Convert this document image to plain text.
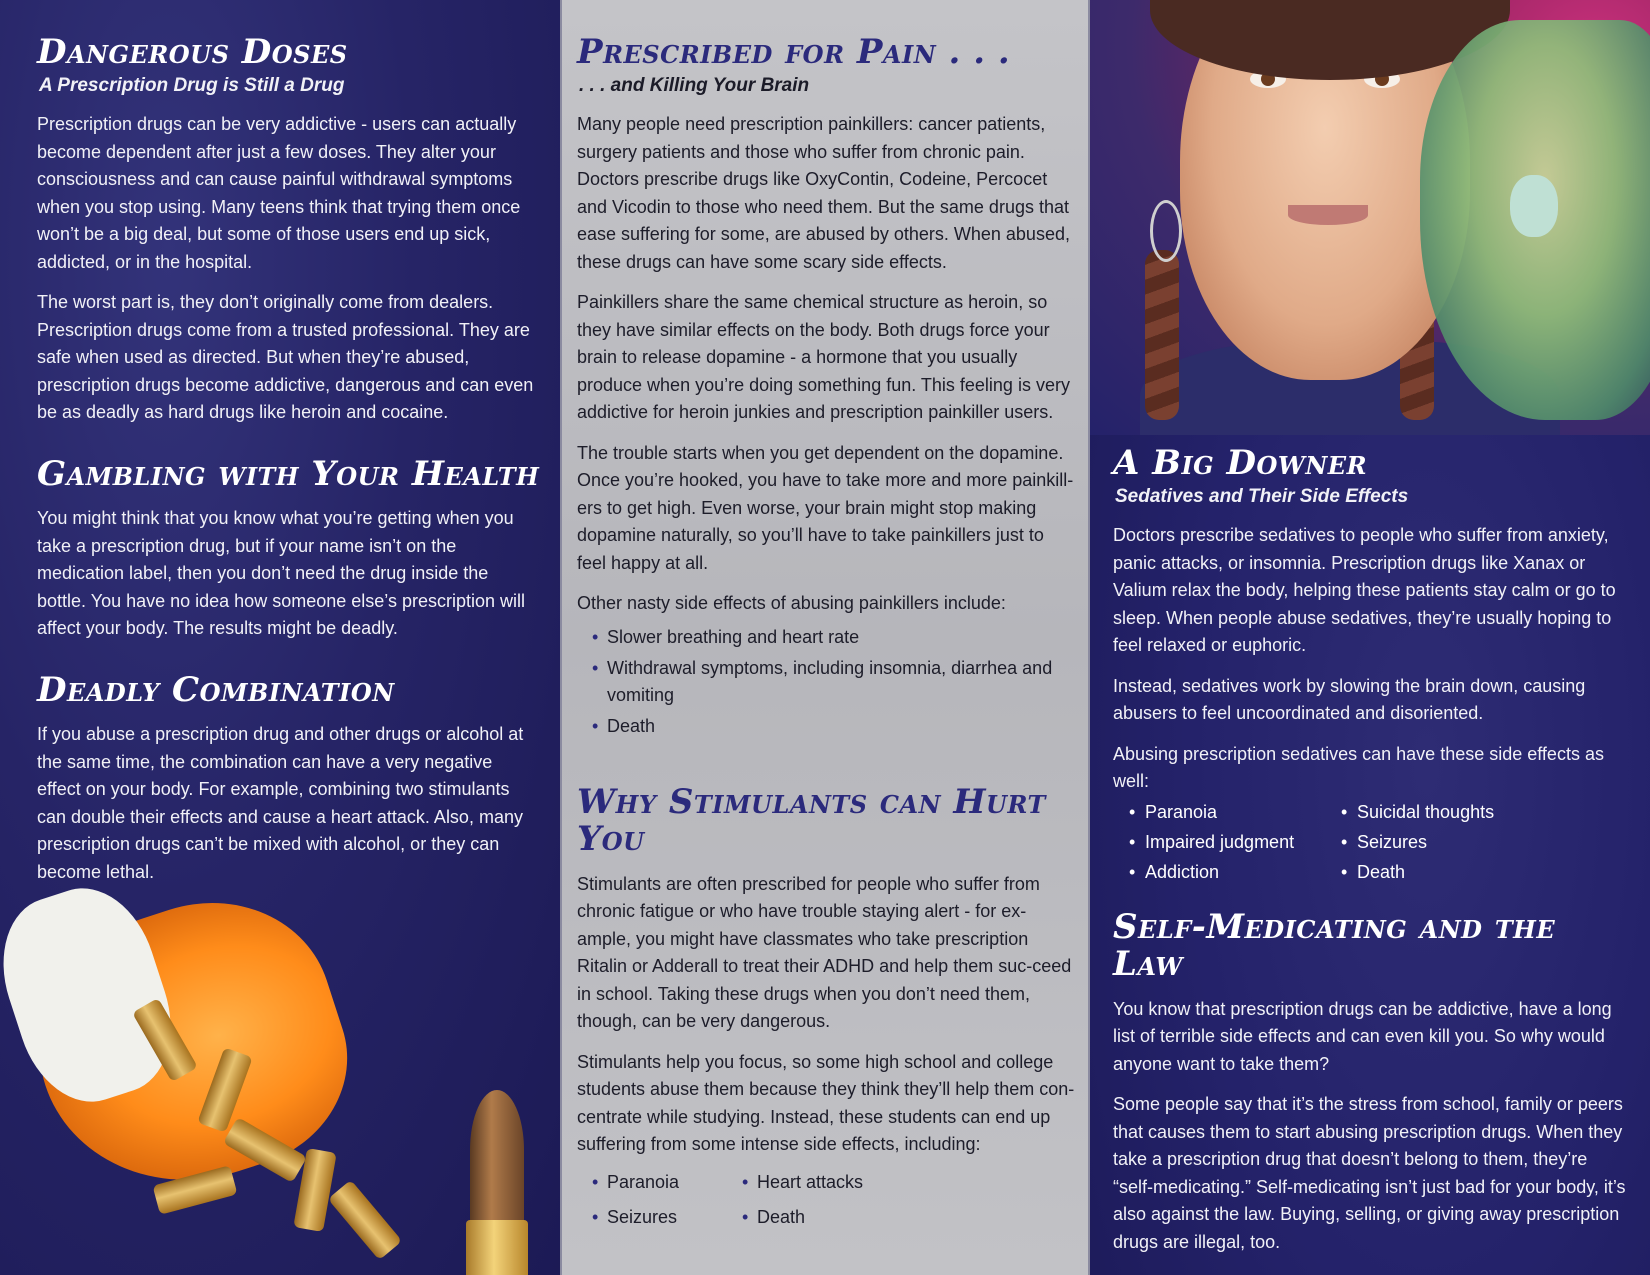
Dangerous Doses
A Prescription Drug is Still a Drug

Prescription drugs can be very addictive - users can actually become dependent after just a few doses. They alter your consciousness and can cause painful withdrawal symptoms when you stop using. Many teens think that trying them once won’t be a big deal, but some of those users end up sick, addicted, or in the hospital.

The worst part is, they don’t originally come from dealers. Prescription drugs come from a trusted professional. They are safe when used as directed. But when they’re abused, prescription drugs become addictive, dangerous and can even be as deadly as hard drugs like heroin and cocaine.

Gambling with Your Health

You might think that you know what you’re getting when you take a prescription drug, but if your name isn’t on the medication label, then you don’t need the drug inside the bottle. You have no idea how someone else’s prescription will affect your body. The results might be deadly.

Deadly Combination

If you abuse a prescription drug and other drugs or alcohol at the same time, the combination can have a very negative effect on your body. For example, combining two stimulants can double their effects and cause a heart attack. Also, many prescription drugs can’t be mixed with alcohol, or they can become lethal.

Prescribed for Pain . . .
. . . and Killing Your Brain

Many people need prescription painkillers: cancer patients, surgery patients and those who suffer from chronic pain. Doctors prescribe drugs like OxyContin, Codeine, Percocet and Vicodin to those who need them. But the same drugs that ease suffering for some, are abused by others. When abused, these drugs can have some scary side effects.

Painkillers share the same chemical structure as heroin, so they have similar effects on the body. Both drugs force your brain to release dopamine - a hormone that you usually produce when you’re doing something fun. This feeling is very addictive for heroin junkies and prescription painkiller users.

The trouble starts when you get dependent on the dopamine. Once you’re hooked, you have to take more and more painkill-ers to get high. Even worse, your brain might stop making dopamine naturally, so you’ll have to take painkillers just to feel happy at all.

Other nasty side effects of abusing painkillers include:

• Slower breathing and heart rate
• Withdrawal symptoms, including insomnia, diarrhea and vomiting
• Death
Why Stimulants can Hurt You

Stimulants are often prescribed for people who suffer from chronic fatigue or who have trouble staying alert - for ex-ample, you might have classmates who take prescription Ritalin or Adderall to treat their ADHD and help them suc-ceed in school. Taking these drugs when you don’t need them, though, can be very dangerous.

Stimulants help you focus, so some high school and college students abuse them because they think they’ll help them con-centrate while studying. Instead, these students can end up suffering from some intense side effects, including:

• Paranoia	• Heart attacks
• Seizures	• Death
A Big Downer
Sedatives and Their Side Effects

Doctors prescribe sedatives to people who suffer from anxiety, panic attacks, or insomnia. Prescription drugs like Xanax or Valium relax the body, helping these patients stay calm or go to sleep. When people abuse sedatives, they’re usually hoping to feel relaxed or euphoric.

Instead, sedatives work by slowing the brain down, causing abusers to feel uncoordinated and disoriented.

Abusing prescription sedatives can have these side effects as well:

• Paranoia	• Suicidal thoughts
• Impaired judgment	• Seizures
• Addiction	• Death
Self-Medicating and the Law

You know that prescription drugs can be addictive, have a long list of terrible side effects and can even kill you. So why would anyone want to take them?

Some people say that it’s the stress from school, family or peers that causes them to start abusing prescription drugs. When they take a prescription drug that doesn’t belong to them, they’re “self-medicating.” Self-medicating isn’t just bad for your body, it’s also against the law. Buying, selling, or giving away prescription drugs are illegal, too.
